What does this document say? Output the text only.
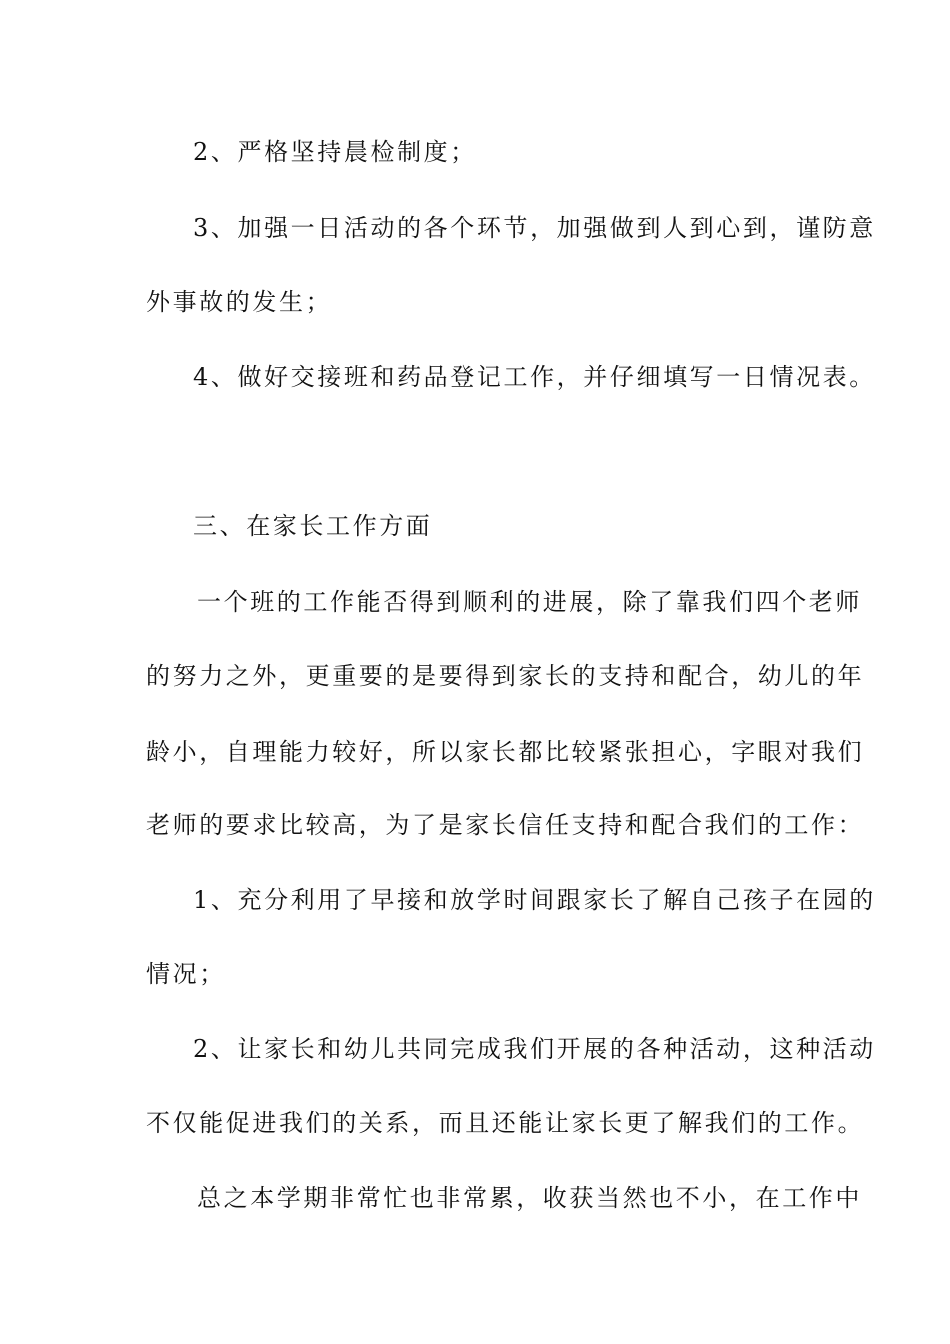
2、严格坚持晨检制度；
3、加强一日活动的各个环节，加强做到人到心到，谨防意
外事故的发生；
4、做好交接班和药品登记工作，并仔细填写一日情况表。
三、在家长工作方面
一个班的工作能否得到顺利的进展，除了靠我们四个老师
的努力之外，更重要的是要得到家长的支持和配合，幼儿的年
龄小，自理能力较好，所以家长都比较紧张担心，字眼对我们
老师的要求比较高，为了是家长信任支持和配合我们的工作：
1、充分利用了早接和放学时间跟家长了解自己孩子在园的
情况；
2、让家长和幼儿共同完成我们开展的各种活动，这种活动
不仅能促进我们的关系，而且还能让家长更了解我们的工作。
总之本学期非常忙也非常累，收获当然也不小，在工作中
